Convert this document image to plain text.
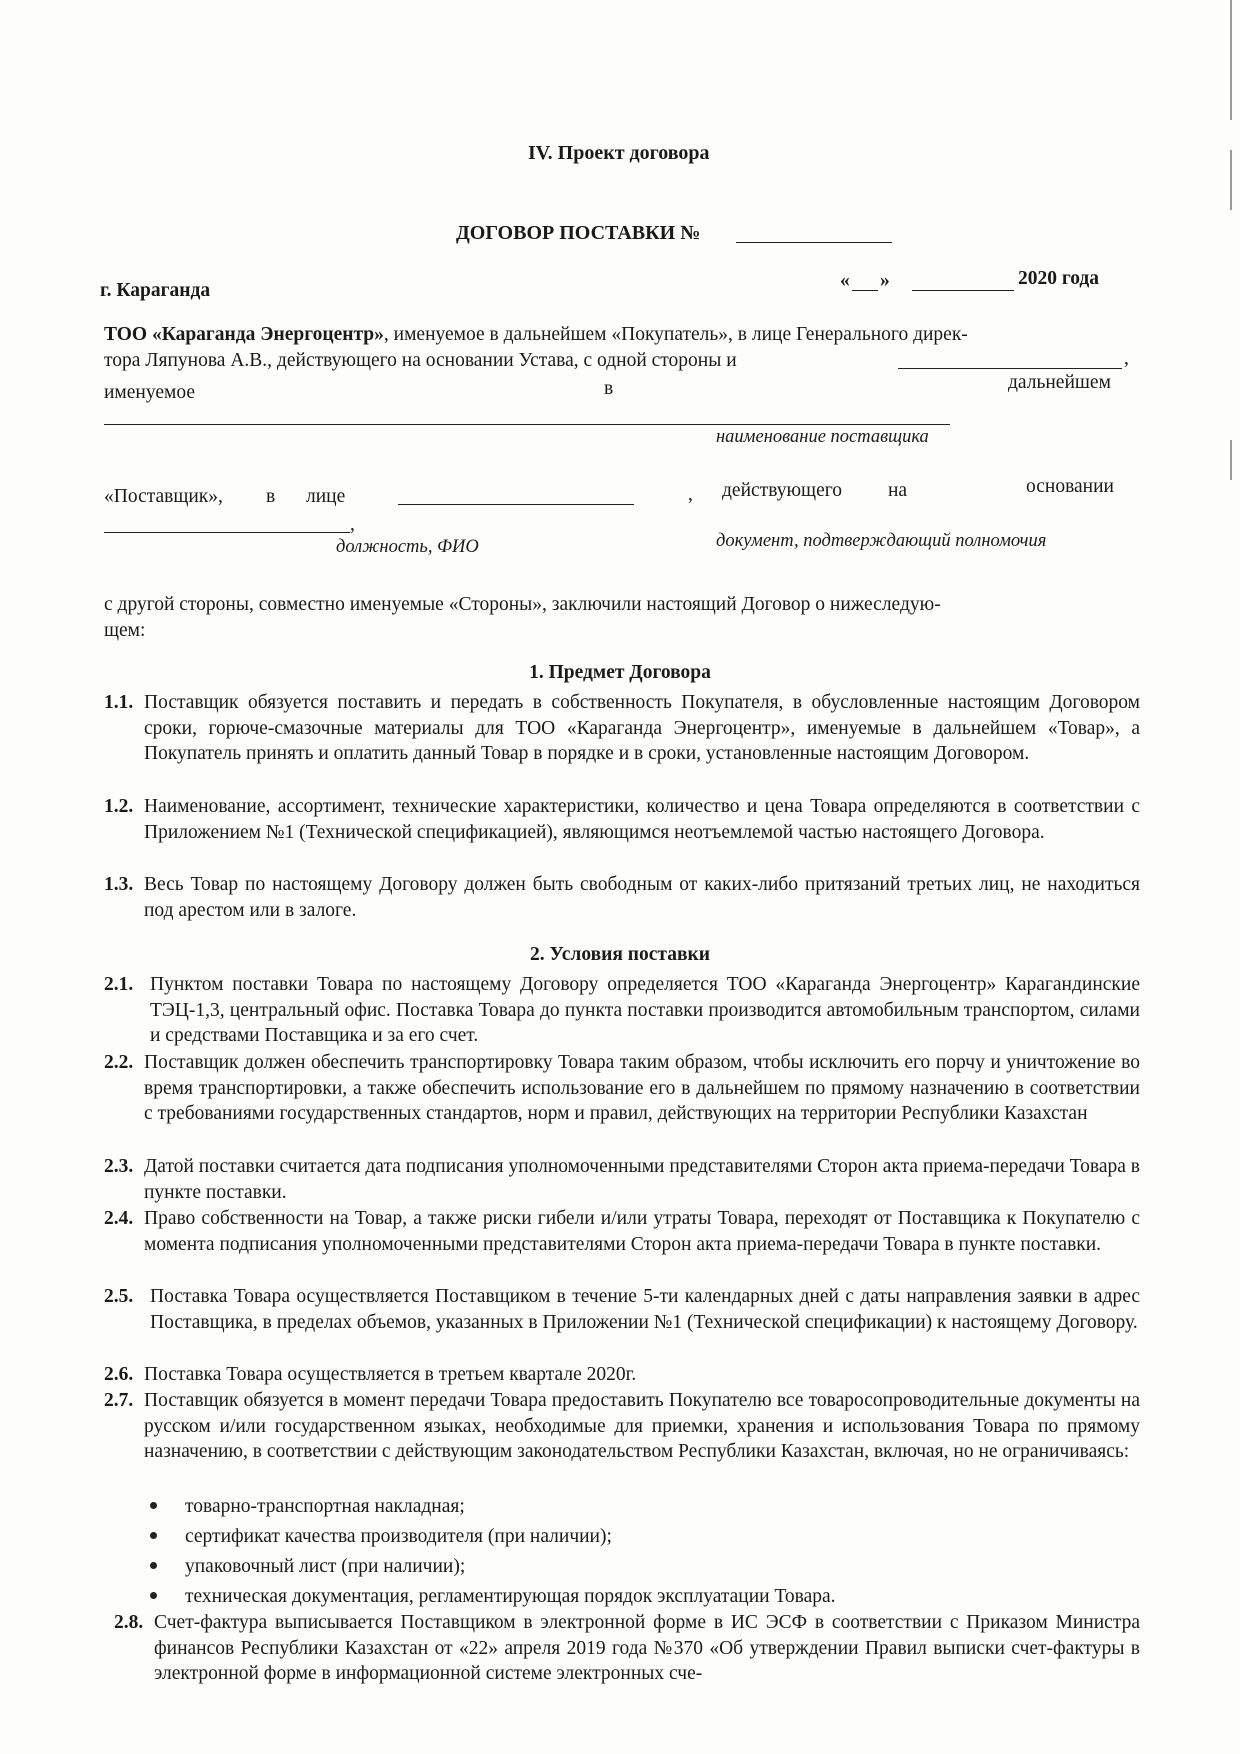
IV. Проект договора
ДОГОВОР ПОСТАВКИ №
г. Караганда	« »	2020 года
ТОО «Караганда Энергоцентр», именуемое в дальнейшем «Покупатель», в лице Генерального дирек-
тора Ляпунова А.В., действующего на основании Устава, с одной стороны и	,
именуемое	в	дальнейшем
наименование поставщика
«Поставщик», в лице	, действующего на	основании
,
должность, ФИО	документ, подтверждающий полномочия
с другой стороны, совместно именуемые «Стороны», заключили настоящий Договор о нижеследую-
щем:
1. Предмет Договора
1.1. Поставщик обязуется поставить и передать в собственность Покупателя, в обусловленные настоящим Договором сроки, горюче-смазочные материалы для ТОО «Караганда Энергоцентр», именуемые в дальнейшем «Товар», а Покупатель принять и оплатить данный Товар в порядке и в сроки, установленные настоящим Договором.
1.2. Наименование, ассортимент, технические характеристики, количество и цена Товара определяются в соответствии с Приложением №1 (Технической спецификацией), являющимся неотъемлемой частью настоящего Договора.
1.3. Весь Товар по настоящему Договору должен быть свободным от каких-либо притязаний третьих лиц, не находиться под арестом или в залоге.
2. Условия поставки
2.1. Пунктом поставки Товара по настоящему Договору определяется ТОО «Караганда Энергоцентр» Карагандинские ТЭЦ-1,3, центральный офис. Поставка Товара до пункта поставки производится автомобильным транспортом, силами и средствами Поставщика и за его счет.
2.2. Поставщик должен обеспечить транспортировку Товара таким образом, чтобы исключить его порчу и уничтожение во время транспортировки, а также обеспечить использование его в дальнейшем по прямому назначению в соответствии с требованиями государственных стандартов, норм и правил, действующих на территории Республики Казахстан
2.3. Датой поставки считается дата подписания уполномоченными представителями Сторон акта приема-передачи Товара в пункте поставки.
2.4. Право собственности на Товар, а также риски гибели и/или утраты Товара, переходят от Поставщика к Покупателю с момента подписания уполномоченными представителями Сторон акта приема-передачи Товара в пункте поставки.
2.5. Поставка Товара осуществляется Поставщиком в течение 5-ти календарных дней с даты направления заявки в адрес Поставщика, в пределах объемов, указанных в Приложении №1 (Технической спецификации) к настоящему Договору.
2.6. Поставка Товара осуществляется в третьем квартале 2020г.
2.7. Поставщик обязуется в момент передачи Товара предоставить Покупателю все товаросопроводительные документы на русском и/или государственном языках, необходимые для приемки, хранения и использования Товара по прямому назначению, в соответствии с действующим законодательством Республики Казахстан, включая, но не ограничиваясь:
товарно-транспортная накладная;
сертификат качества производителя (при наличии);
упаковочный лист (при наличии);
техническая документация, регламентирующая порядок эксплуатации Товара.
2.8. Счет-фактура выписывается Поставщиком в электронной форме в ИС ЭСФ в соответствии с Приказом Министра финансов Республики Казахстан от «22» апреля 2019 года №370 «Об утверждении Правил выписки счет-фактуры в электронной форме в информационной системе электронных сче-
